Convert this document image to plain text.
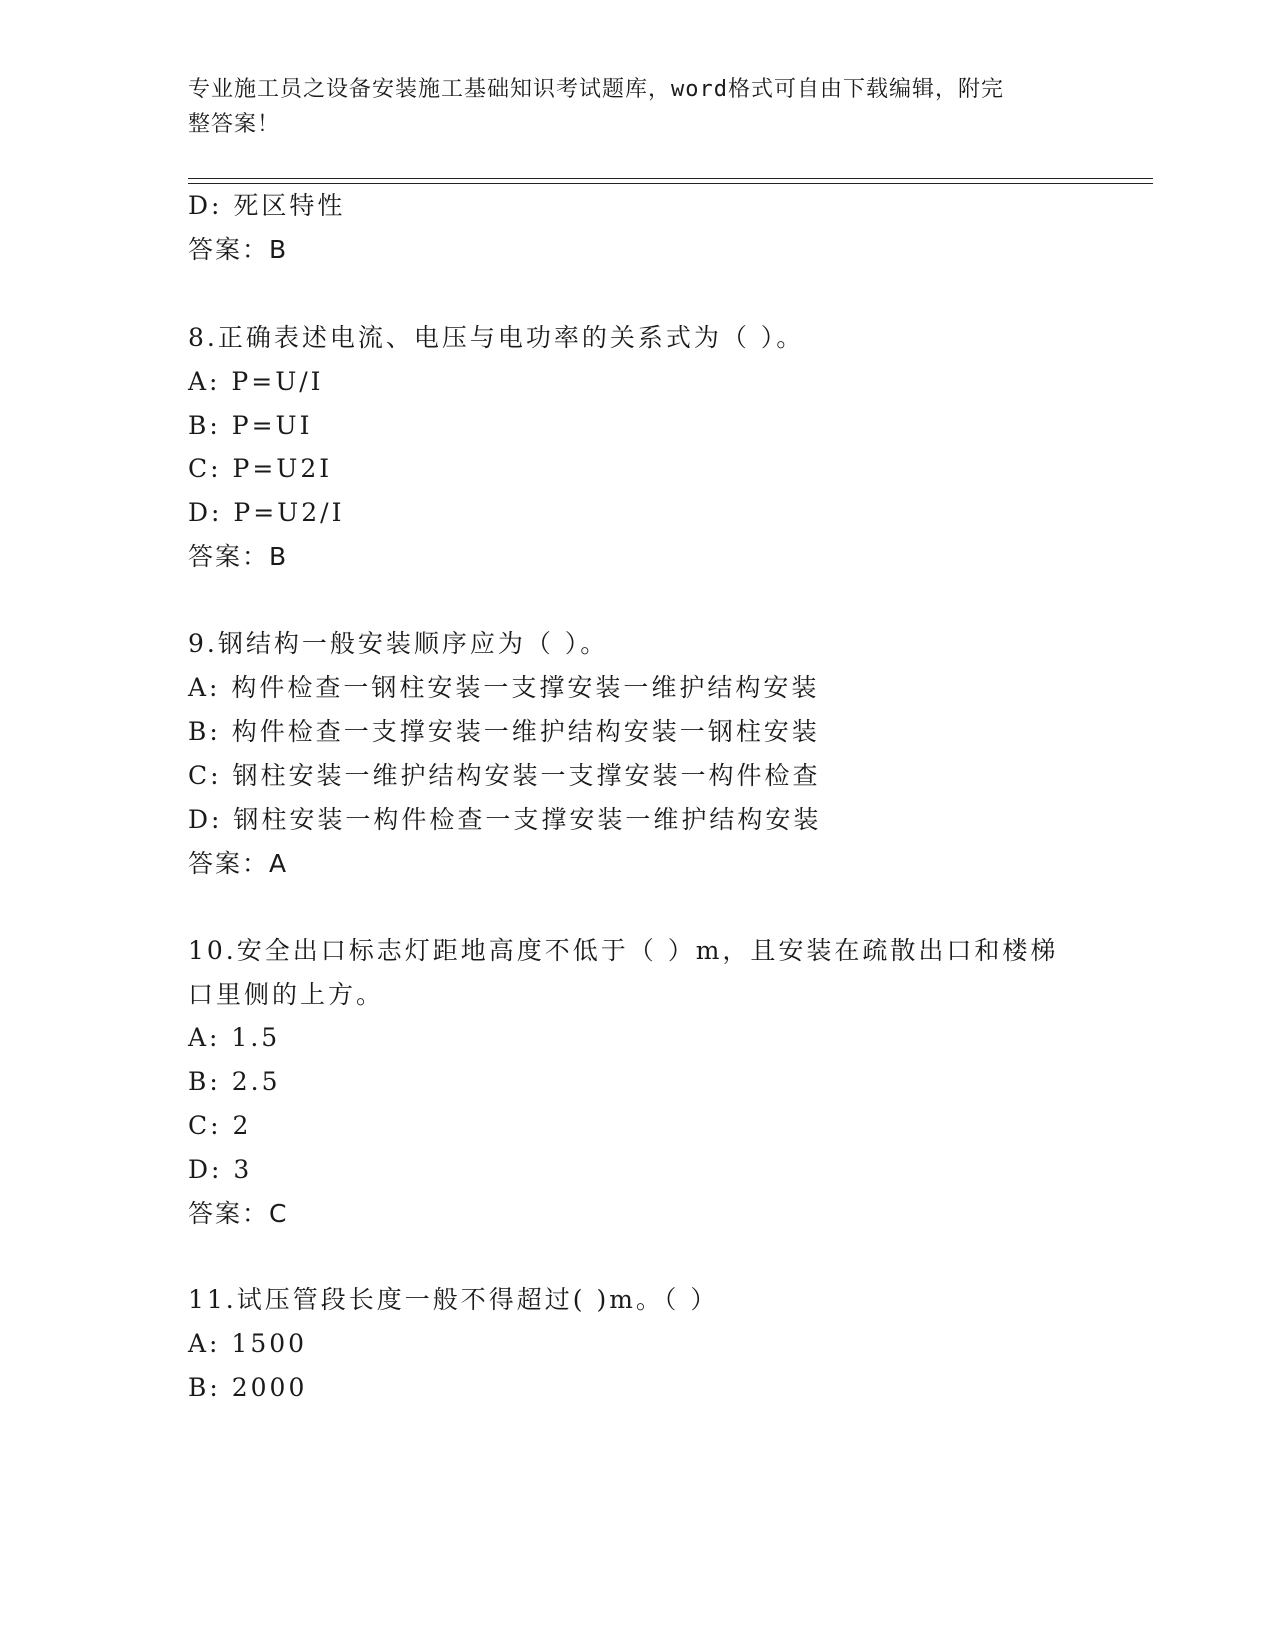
专业施工员之设备安装施工基础知识考试题库，word格式可自由下载编辑，附完
整答案！
D: 死区特性
答案：B
8.正确表述电流、电压与电功率的关系式为（ ）。
A: P=U/I
B: P=UI
C: P=U2I
D: P=U2/I
答案：B
9.钢结构一般安装顺序应为（ ）。
A: 构件检查一钢柱安装一支撑安装一维护结构安装
B: 构件检查一支撑安装一维护结构安装一钢柱安装
C: 钢柱安装一维护结构安装一支撑安装一构件检查
D: 钢柱安装一构件检查一支撑安装一维护结构安装
答案：A
10.安全出口标志灯距地高度不低于（ ）m，且安装在疏散出口和楼梯
口里侧的上方。
A: 1.5
B: 2.5
C: 2
D: 3
答案：C
11.试压管段长度一般不得超过( )m。（ ）
A: 1500
B: 2000
